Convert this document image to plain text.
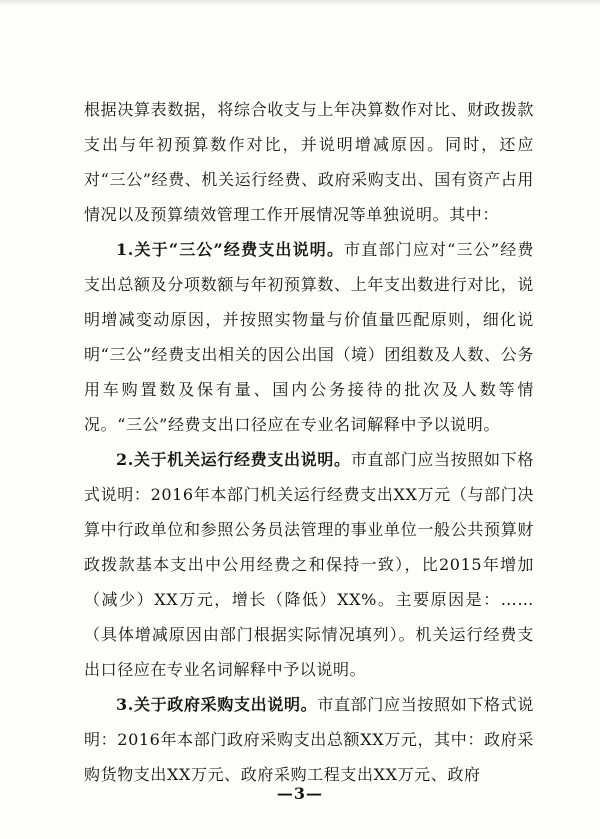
根据决算表数据，将综合收支与上年决算数作对比、财政拨款支出与年初预算数作对比，并说明增减原因。同时，还应对“三公”经费、机关运行经费、政府采购支出、国有资产占用情况以及预算绩效管理工作开展情况等单独说明。其中：

1.关于“三公”经费支出说明。市直部门应对“三公”经费支出总额及分项数额与年初预算数、上年支出数进行对比，说明增减变动原因，并按照实物量与价值量匹配原则，细化说明“三公”经费支出相关的因公出国（境）团组数及人数、公务用车购置数及保有量、国内公务接待的批次及人数等情况。“三公”经费支出口径应在专业名词解释中予以说明。

2.关于机关运行经费支出说明。市直部门应当按照如下格式说明：2016年本部门机关运行经费支出XX万元（与部门决算中行政单位和参照公务员法管理的事业单位一般公共预算财政拨款基本支出中公用经费之和保持一致），比2015年增加（减少）XX万元，增长（降低）XX%。主要原因是：……（具体增减原因由部门根据实际情况填列）。机关运行经费支出口径应在专业名词解释中予以说明。

3.关于政府采购支出说明。市直部门应当按照如下格式说明：2016年本部门政府采购支出总额XX万元，其中：政府采购货物支出XX万元、政府采购工程支出XX万元、政府

—3—
